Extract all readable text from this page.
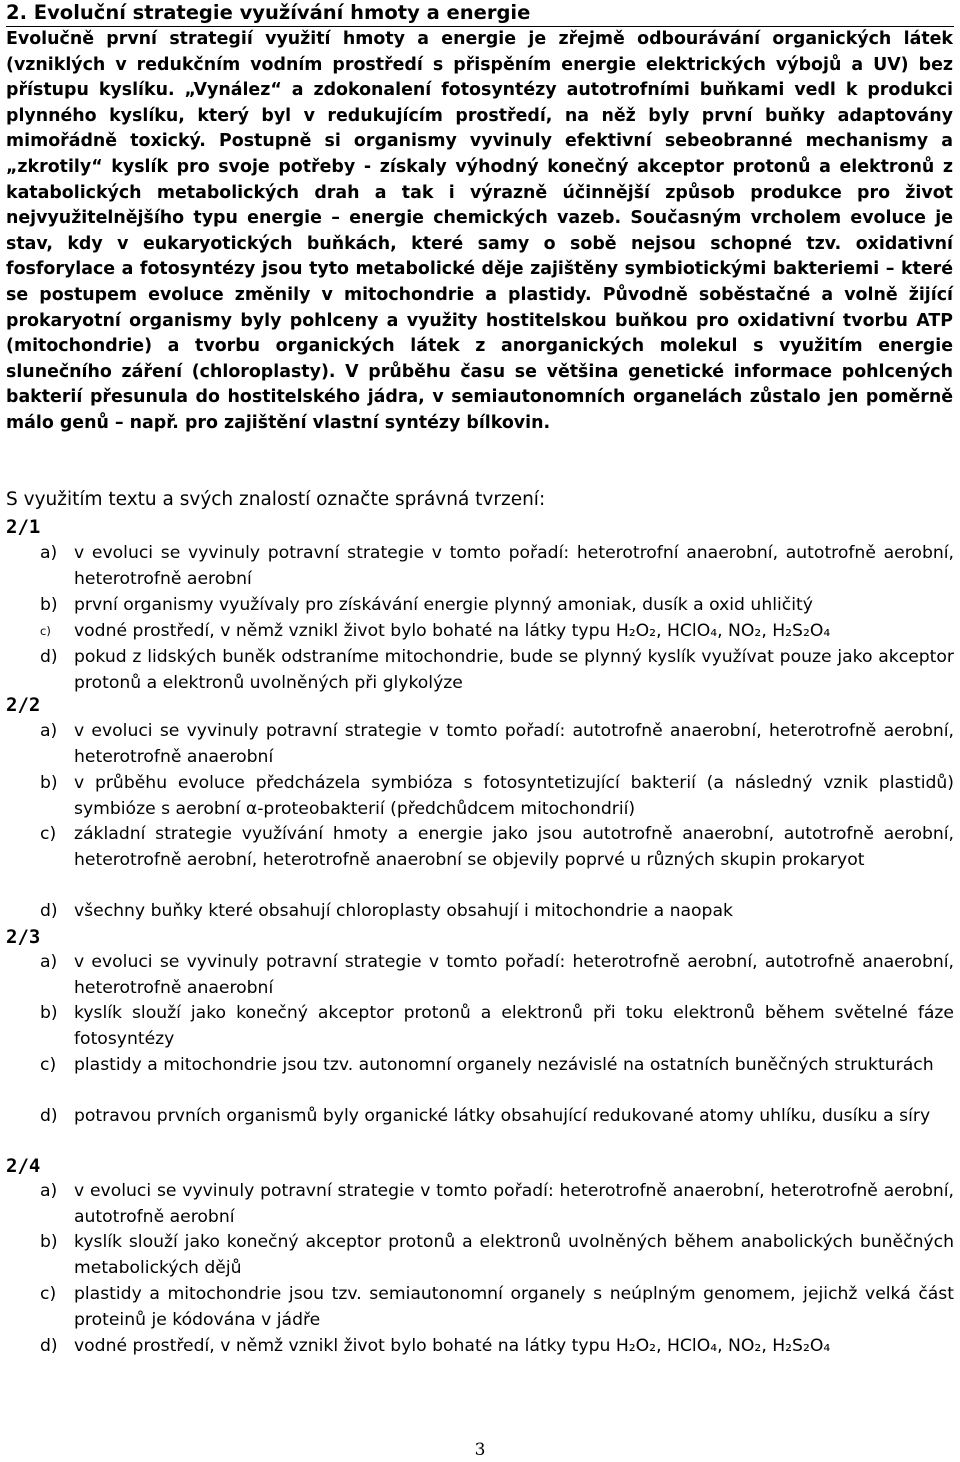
2. Evoluční strategie využívání hmoty a energie

Evolučně první strategií využití hmoty a energie je zřejmě odbourávání organických látek (vzniklých v redukčním vodním prostředí s přispěním energie elektrických výbojů a UV) bez přístupu kyslíku. „Vynález“ a zdokonalení fotosyntézy autotrofními buňkami vedl k produkci plynného kyslíku, který byl v redukujícím prostředí, na něž byly první buňky adaptovány mimořádně toxický. Postupně si organismy vyvinuly efektivní sebeobranné mechanismy a „zkrotily“ kyslík pro svoje potřeby - získaly výhodný konečný akceptor protonů a elektronů z katabolických metabolických drah a tak i výrazně účinnější způsob produkce pro život nejvyužitelnějšího typu energie – energie chemických vazeb. Současným vrcholem evoluce je stav, kdy v eukaryotických buňkách, které samy o sobě nejsou schopné tzv. oxidativní fosforylace a fotosyntézy jsou tyto metabolické děje zajištěny symbiotickými bakteriemi – které se postupem evoluce změnily v mitochondrie a plastidy. Původně soběstačné a volně žijící prokaryotní organismy byly pohlceny a využity hostitelskou buňkou pro oxidativní tvorbu ATP (mitochondrie) a tvorbu organických látek z anorganických molekul s využitím energie slunečního záření (chloroplasty). V průběhu času se většina genetické informace pohlcených bakterií přesunula do hostitelského jádra, v semiautonomních organelách zůstalo jen poměrně málo genů – např. pro zajištění vlastní syntézy bílkovin.

S využitím textu a svých znalostí označte správná tvrzení:
2/1
a) v evoluci se vyvinuly potravní strategie v tomto pořadí: heterotrofní anaerobní, autotrofně aerobní, heterotrofně aerobní
b) první organismy využívaly pro získávání energie plynný amoniak, dusík a oxid uhličitý
c) vodné prostředí, v němž vznikl život bylo bohaté na látky typu H₂O₂, HClO₄, NO₂, H₂S₂O₄
d) pokud z lidských buněk odstraníme mitochondrie, bude se plynný kyslík využívat pouze jako akceptor protonů a elektronů uvolněných při glykolýze
2/2
a) v evoluci se vyvinuly potravní strategie v tomto pořadí: autotrofně anaerobní, heterotrofně aerobní, heterotrofně anaerobní
b) v průběhu evoluce předcházela symbióza s fotosyntetizující bakterií (a následný vznik plastidů) symbióze s aerobní α-proteobakterií (předchůdcem mitochondrií)
c) základní strategie využívání hmoty a energie jako jsou autotrofně anaerobní, autotrofně aerobní, heterotrofně aerobní, heterotrofně anaerobní se objevily poprvé u různých skupin prokaryot
d) všechny buňky které obsahují chloroplasty obsahují i mitochondrie a naopak
2/3
a) v evoluci se vyvinuly potravní strategie v tomto pořadí: heterotrofně aerobní, autotrofně anaerobní, heterotrofně anaerobní
b) kyslík slouží jako konečný akceptor protonů a elektronů při toku elektronů během světelné fáze fotosyntézy
c) plastidy a mitochondrie jsou tzv. autonomní organely nezávislé na ostatních buněčných strukturách
d) potravou prvních organismů byly organické látky obsahující redukované atomy uhlíku, dusíku a síry
2/4
a) v evoluci se vyvinuly potravní strategie v tomto pořadí: heterotrofně anaerobní, heterotrofně aerobní, autotrofně aerobní
b) kyslík slouží jako konečný akceptor protonů a elektronů uvolněných během anabolických buněčných metabolických dějů
c) plastidy a mitochondrie jsou tzv. semiautonomní organely s neúplným genomem, jejichž velká část proteinů je kódována v jádře
d) vodné prostředí, v němž vznikl život bylo bohaté na látky typu H₂O₂, HClO₄, NO₂, H₂S₂O₄
3
